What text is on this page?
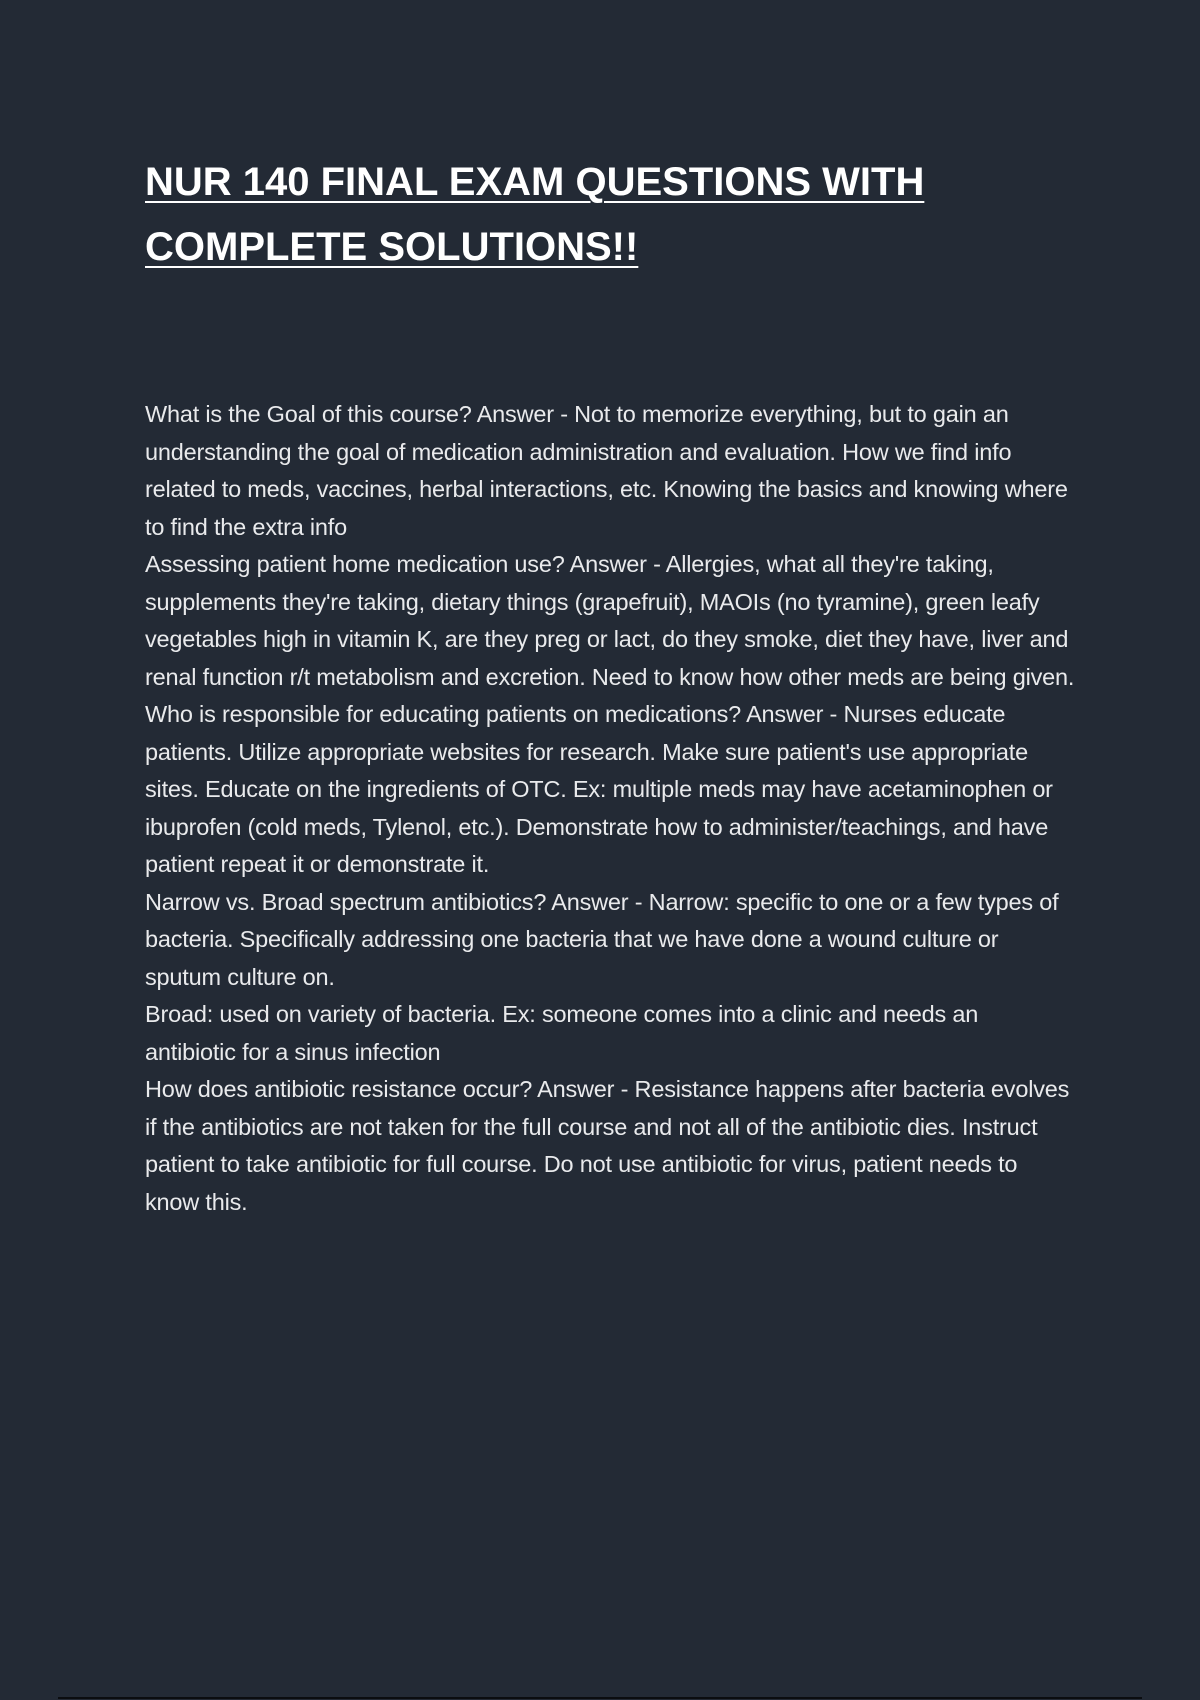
NUR 140 FINAL EXAM QUESTIONS WITH
COMPLETE SOLUTIONS!!

What is the Goal of this course? Answer - Not to memorize everything, but to gain an understanding the goal of medication administration and evaluation. How we find info related to meds, vaccines, herbal interactions, etc. Knowing the basics and knowing where to find the extra info

Assessing patient home medication use? Answer - Allergies, what all they're taking, supplements they're taking, dietary things (grapefruit), MAOIs (no tyramine), green leafy vegetables high in vitamin K, are they preg or lact, do they smoke, diet they have, liver and renal function r/t metabolism and excretion. Need to know how other meds are being given.

Who is responsible for educating patients on medications? Answer - Nurses educate patients. Utilize appropriate websites for research. Make sure patient's use appropriate sites. Educate on the ingredients of OTC. Ex: multiple meds may have acetaminophen or ibuprofen (cold meds, Tylenol, etc.). Demonstrate how to administer/teachings, and have patient repeat it or demonstrate it.

Narrow vs. Broad spectrum antibiotics? Answer - Narrow: specific to one or a few types of bacteria. Specifically addressing one bacteria that we have done a wound culture or sputum culture on.

Broad: used on variety of bacteria. Ex: someone comes into a clinic and needs an antibiotic for a sinus infection

How does antibiotic resistance occur? Answer - Resistance happens after bacteria evolves if the antibiotics are not taken for the full course and not all of the antibiotic dies. Instruct patient to take antibiotic for full course. Do not use antibiotic for virus, patient needs to know this.
